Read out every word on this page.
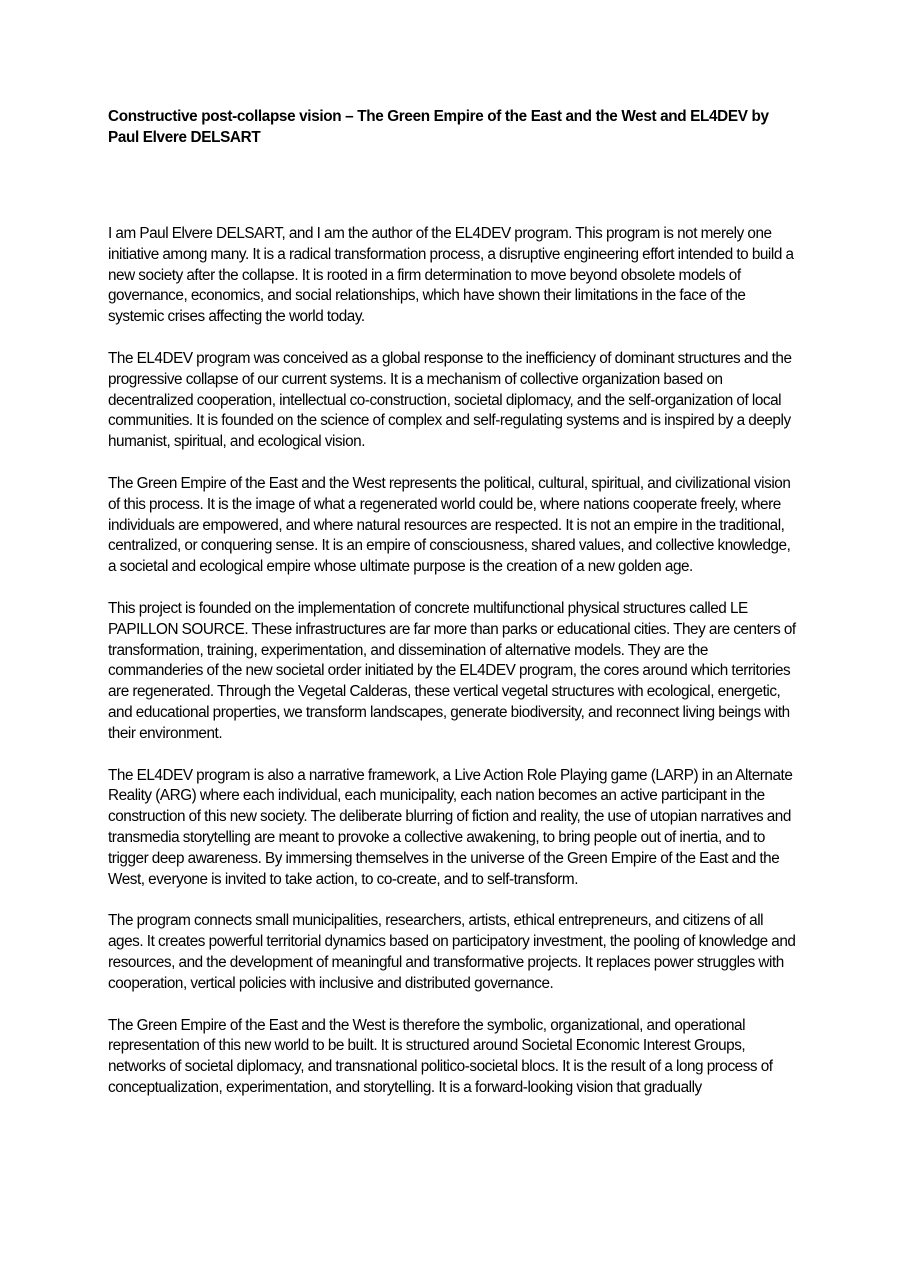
Constructive post-collapse vision – The Green Empire of the East and the West and EL4DEV by Paul Elvere DELSART

I am Paul Elvere DELSART, and I am the author of the EL4DEV program. This program is not merely one initiative among many. It is a radical transformation process, a disruptive engineering effort intended to build a new society after the collapse. It is rooted in a firm determination to move beyond obsolete models of governance, economics, and social relationships, which have shown their limitations in the face of the systemic crises affecting the world today.

The EL4DEV program was conceived as a global response to the inefficiency of dominant structures and the progressive collapse of our current systems. It is a mechanism of collective organization based on decentralized cooperation, intellectual co-construction, societal diplomacy, and the self-organization of local communities. It is founded on the science of complex and self-regulating systems and is inspired by a deeply humanist, spiritual, and ecological vision.

The Green Empire of the East and the West represents the political, cultural, spiritual, and civilizational vision of this process. It is the image of what a regenerated world could be, where nations cooperate freely, where individuals are empowered, and where natural resources are respected. It is not an empire in the traditional, centralized, or conquering sense. It is an empire of consciousness, shared values, and collective knowledge, a societal and ecological empire whose ultimate purpose is the creation of a new golden age.

This project is founded on the implementation of concrete multifunctional physical structures called LE PAPILLON SOURCE. These infrastructures are far more than parks or educational cities. They are centers of transformation, training, experimentation, and dissemination of alternative models. They are the commanderies of the new societal order initiated by the EL4DEV program, the cores around which territories are regenerated. Through the Vegetal Calderas, these vertical vegetal structures with ecological, energetic, and educational properties, we transform landscapes, generate biodiversity, and reconnect living beings with their environment.

The EL4DEV program is also a narrative framework, a Live Action Role Playing game (LARP) in an Alternate Reality (ARG) where each individual, each municipality, each nation becomes an active participant in the construction of this new society. The deliberate blurring of fiction and reality, the use of utopian narratives and transmedia storytelling are meant to provoke a collective awakening, to bring people out of inertia, and to trigger deep awareness. By immersing themselves in the universe of the Green Empire of the East and the West, everyone is invited to take action, to co-create, and to self-transform.

The program connects small municipalities, researchers, artists, ethical entrepreneurs, and citizens of all ages. It creates powerful territorial dynamics based on participatory investment, the pooling of knowledge and resources, and the development of meaningful and transformative projects. It replaces power struggles with cooperation, vertical policies with inclusive and distributed governance.

The Green Empire of the East and the West is therefore the symbolic, organizational, and operational representation of this new world to be built. It is structured around Societal Economic Interest Groups, networks of societal diplomacy, and transnational politico-societal blocs. It is the result of a long process of conceptualization, experimentation, and storytelling. It is a forward-looking vision that gradually
